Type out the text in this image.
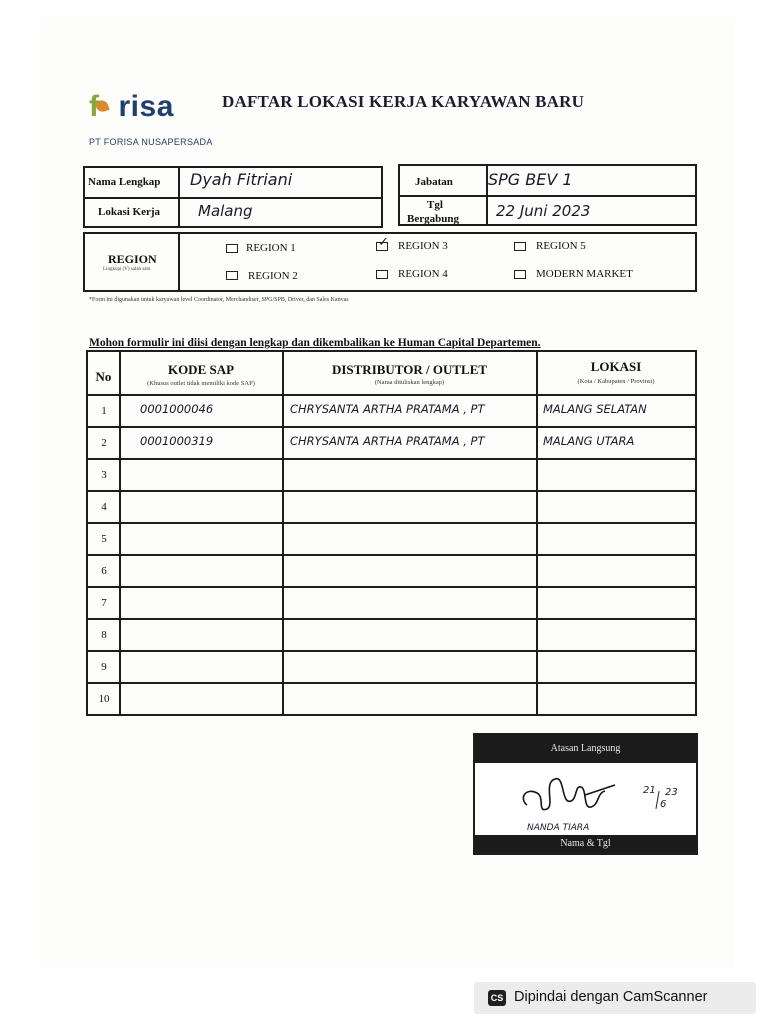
f risa
PT FORISA NUSAPERSADA
DAFTAR LOKASI KERJA KARYAWAN BARU
Nama Lengkap Dyah Fitriani
Lokasi Kerja	Malang
Jabatan SPG BEV 1
Tgl
Bergabung 22 Juni 2023
REGION
Lingkupi (V) salah satu
REGION 1
REGION 2
✓ REGION 3
REGION 4
REGION 5
MODERN MARKET
*Form ini digunakan untuk karyawan level Coordinator, Merchandiser, SPG/SPB, Driver, dan Sales Kanvas
Mohon formulir ini diisi dengan lengkap dan dikembalikan ke Human Capital Departemen.
No	KODE SAP
(Khusus outlet tidak memiliki kode SAP)
DISTRIBUTOR / OUTLET
(Nama dituliskan lengkap)
LOKASI
(Kota / Kabupaten / Provinsi)
1	0001000046	CHRYSANTA ARTHA PRATAMA , PT	MALANG SELATAN
2	0001000319	CHRYSANTA ARTHA PRATAMA , PT	MALANG UTARA
3
4
5
6
7
8
9
10
Atasan Langsung
NANDA TIARA
21 23
6
Nama & Tgl
CS Dipindai dengan CamScanner
